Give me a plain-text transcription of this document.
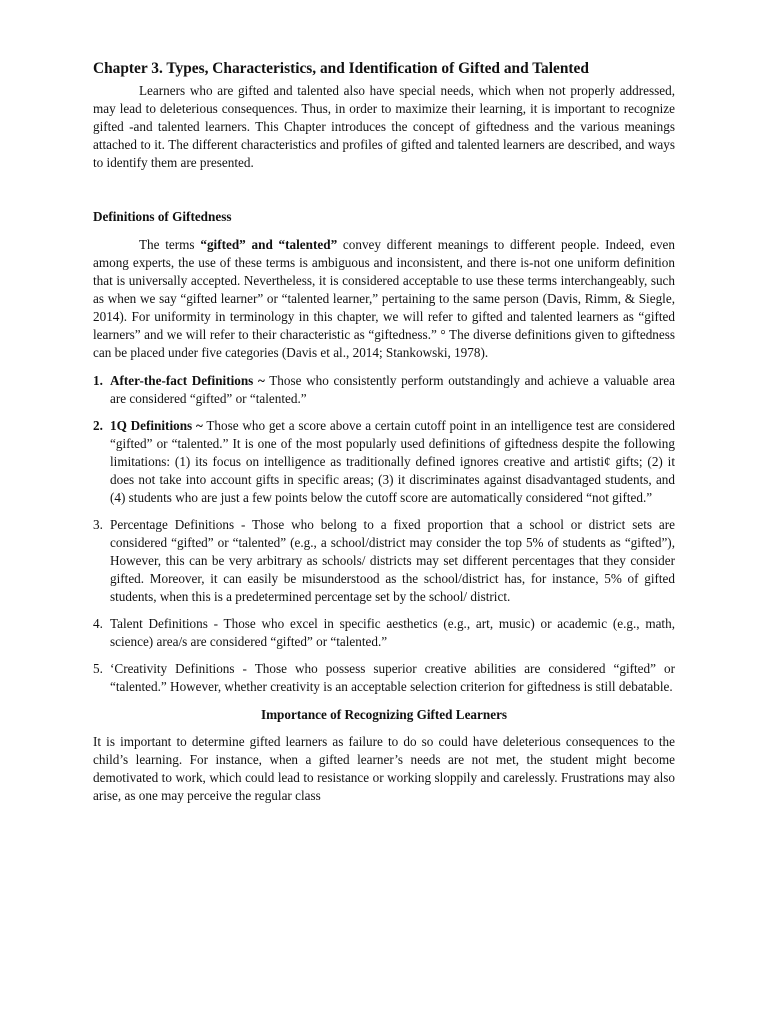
Chapter 3. Types, Characteristics, and Identification of Gifted and Talented

Learners who are gifted and talented also have special needs, which when not properly addressed, may lead to deleterious consequences. Thus, in order to maximize their learning, it is important to recognize gifted -and talented learners. This Chapter introduces the concept of giftedness and the various meanings attached to it. The different characteristics and profiles of gifted and talented learners are described, and ways to identify them are presented.

Definitions of Giftedness

The terms “gifted” and “talented” convey different meanings to different people. Indeed, even among experts, the use of these terms is ambiguous and inconsistent, and there is-not one uniform definition that is universally accepted. Nevertheless, it is considered acceptable to use these terms interchangeably, such as when we say “gifted learner” or “talented learner,” pertaining to the same person (Davis, Rimm, & Siegle, 2014). For uniformity in terminology in this chapter, we will refer to gifted and talented learners as “gifted learners” and we will refer to their characteristic as “giftedness.” ° The diverse definitions given to giftedness can be placed under five categories (Davis et al., 2014; Stankowski, 1978).

1. After-the-fact Definitions ~ Those who consistently perform outstandingly and achieve a valuable area are considered “gifted” or “talented.”
2. 1Q Definitions ~ Those who get a score above a certain cutoff point in an intelligence test are considered “gifted” or “talented.” It is one of the most popularly used definitions of giftedness despite the following limitations: (1) its focus on intelligence as traditionally defined ignores creative and artisti¢ gifts; (2) it does not take into account gifts in specific areas; (3) it discriminates against disadvantaged students, and (4) students who are just a few points below the cutoff score are automatically considered “not gifted.”
3. Percentage Definitions - Those who belong to a fixed proportion that a school or district sets are considered “gifted” or “talented” (e.g., a school/district may consider the top 5% of students as “gifted”), However, this can be very arbitrary as schools/ districts may set different percentages that they consider gifted. Moreover, it can easily be misunderstood as the school/district has, for instance, 5% of gifted students, when this is a predetermined percentage set by the school/ district.
4. Talent Definitions - Those who excel in specific aesthetics (e.g., art, music) or academic (e.g., math, science) area/s are considered “gifted” or “talented.”
5. ‘Creativity Definitions - Those who possess superior creative abilities are considered “gifted” or “talented.” However, whether creativity is an acceptable selection criterion for giftedness is still debatable.

Importance of Recognizing Gifted Learners

It is important to determine gifted learners as failure to do so could have deleterious consequences to the child’s learning. For instance, when a gifted learner’s needs are not met, the student might become demotivated to work, which could lead to resistance or working sloppily and carelessly. Frustrations may also arise, as one may perceive the regular class
